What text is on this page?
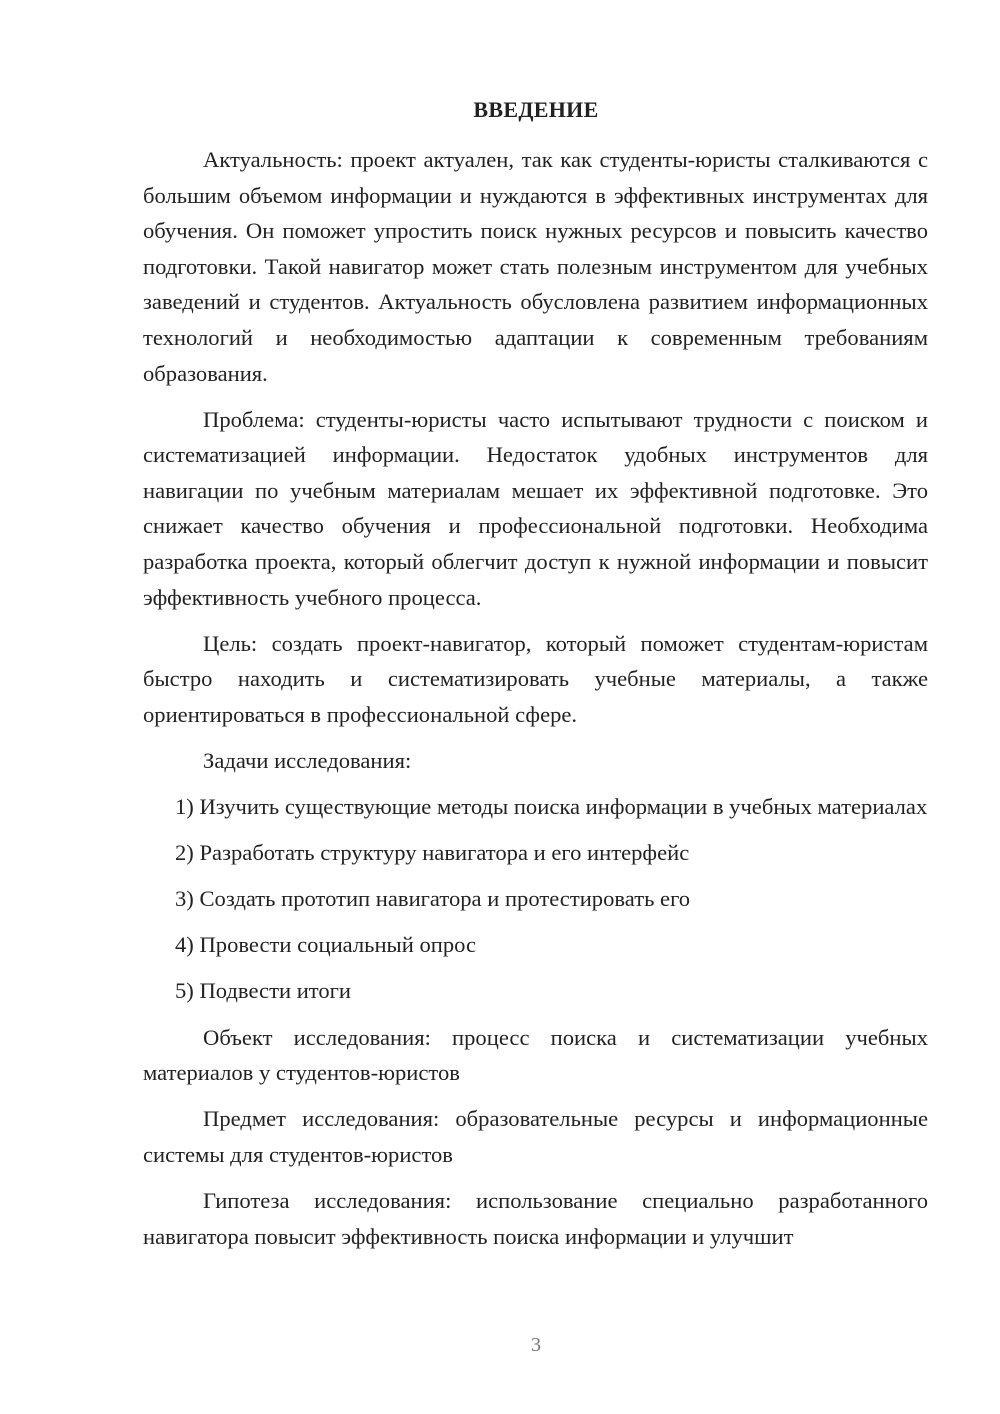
ВВЕДЕНИЕ

Актуальность: проект актуален, так как студенты-юристы сталкиваются с большим объемом информации и нуждаются в эффективных инструментах для обучения. Он поможет упростить поиск нужных ресурсов и повысить качество подготовки. Такой навигатор может стать полезным инструментом для учебных заведений и студентов. Актуальность обусловлена развитием информационных технологий и необходимостью адаптации к современным требованиям образования.

Проблема: студенты-юристы часто испытывают трудности с поиском и систематизацией информации. Недостаток удобных инструментов для навигации по учебным материалам мешает их эффективной подготовке. Это снижает качество обучения и профессиональной подготовки. Необходима разработка проекта, который облегчит доступ к нужной информации и повысит эффективность учебного процесса.

Цель: создать проект-навигатор, который поможет студентам-юристам быстро находить и систематизировать учебные материалы, а также ориентироваться в профессиональной сфере.

Задачи исследования:

1) Изучить существующие методы поиска информации в учебных материалах

2) Разработать структуру навигатора и его интерфейс

3) Создать прототип навигатора и протестировать его

4) Провести социальный опрос

5) Подвести итоги

Объект исследования: процесс поиска и систематизации учебных материалов у студентов-юристов

Предмет исследования: образовательные ресурсы и информационные системы для студентов-юристов

Гипотеза исследования: использование специально разработанного навигатора повысит эффективность поиска информации и улучшит

3
